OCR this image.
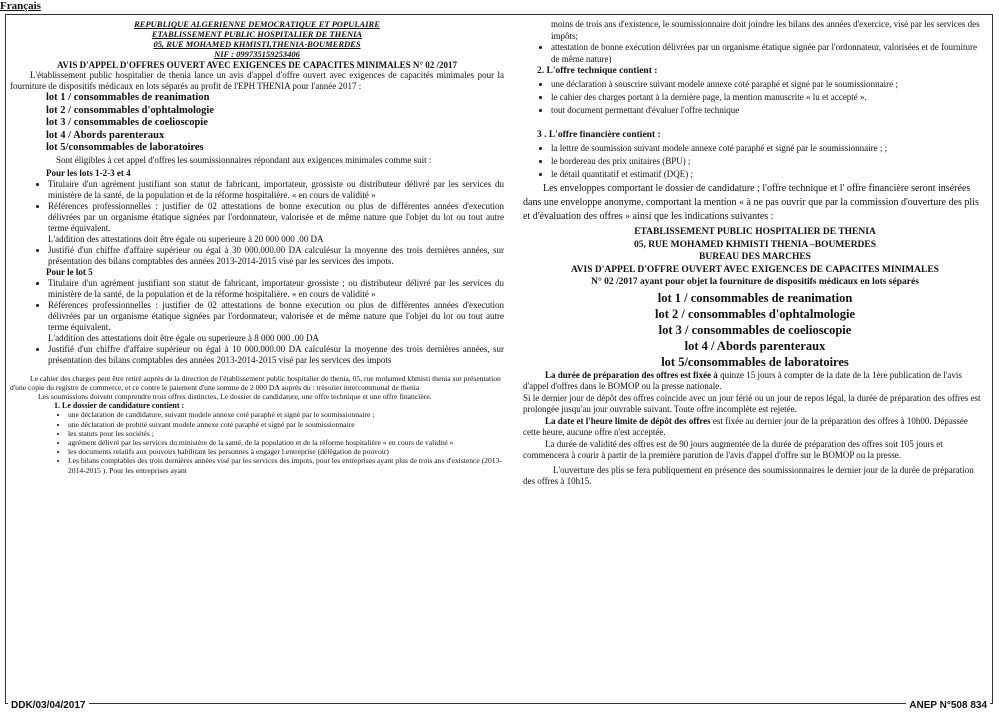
Français
REPUBLIQUE ALGERIENNE DEMOCRATIQUE ET POPULAIRE
ETABLISSEMENT PUBLIC HOSPITALIER DE THENIA
05, RUE MOHAMED KHMISTI,THENIA-BOUMERDES
NIF : 099735159253406
AVIS D'APPEL D'OFFRES OUVERT AVEC EXIGENCES DE CAPACITES MINIMALES N° 02 /2017

L'établissement public hospitalier de thenia lance un avis d'appel d'offre ouvert avec exigences de capacités minimales pour la fourniture de dispositifs médicaux en lots séparés au profit de l'EPH THENIA pour l'année 2017 :

lot 1 / consommables de reanimation
lot 2 / consommables d'ophtalmologie
lot 3 / consommables de coelioscopie
lot 4 / Abords parenteraux
lot 5/consommables de laboratoires

Sont éligibles à cet appel d'offres les soumissionnaires répondant aux exigences minimales comme suit :

Pour les lots 1-2-3 et 4
• Titulaire d'un agrément justifiant son statut de fabricant, importateur, grossiste ou distributeur délivré par les services du ministère de la santé, de la population et de la réforme hospitalière. « en cours de validité »
• Références professionnelles : justifier de 02 attestations de bonne execution ou plus de différentes années d'execution délivrées par un organisme étatique signées par l'ordonnateur, valorisée et de même nature que l'objet du lot ou tout autre terme équivalent.
L'addition des attestations doit être égale ou superieure à 20 000 000 .00 DA
• Justifié d'un chiffre d'affaire supérieur ou égal à 30 000.000.00 DA calculésur la moyenne des trois dernières années, sur présentation des bilans comptables des années 2013-2014-2015 visé par les services des impots.
Pour le lot 5
• Titulaire d'un agrément justifiant son statut de fabricant, importateur grossiste ; ou distributeur délivré par les services du ministère de la santé, de la population et de la réforme hospitalière. « en cours de validité »
• Références professionnelles : justifier de 02 attestations de bonne execution ou plus de différentes années d'execution délivrées par un organisme étatique signées par l'ordonnateur, valorisée et de même nature que l'objet du lot ou tout autre terme équivalent.
L'addition des attestations doit être égale ou superieure à 8 000 000 .00 DA
• Justifié d'un chiffre d'affaire supérieur ou égal à 10 000.000.00 DA calculésur la moyenne des trois dernières années, sur présentation des bilans comptables des années 2013-2014-2015 visé par les services des impots

Le cahier des charges peut être retiré auprès de la direction de l'établissement public hospitalier de thenia, 05, rue mohamed khmisti thenia sur présentation d'une copie du registre de commerce, et ce contre le paiement d'une somme de 2 000 DA auprès du : trésorier intercommunal de thenia

Les soumissions doivent comprendre trois offres distinctes, Le dossier de candidature, une offre technique et une offre financière.

1. Le dossier de candidature contient :
• une déclaration de candidature, suivant modele annexe coté paraphé et signé par le soumissionnaire ;
• une déclaration de probité suivant modele annexe coté paraphé et signé par le soumissionnaire
• les statuts pour les sociétés ;
• agrément délivré par les services du ministère de la santé, de la population et de la réforme hospitalière « en cours de validité »
• les documents relatifs aux pouvoirs habilitant les personnes à engager l.entreprise (délégation de pouvoir)
• Les bilans comptables des trois dernières années visé par les services des impots, pour les entreprises ayant plus de trois ans d'existence (2013-2014-2015 ). Pour les entreprises ayant

moins de trois ans d'existence, le soumissionnaire doit joindre les bilans des années d'exercice, visé par les services des impôts;

• attestation de bonne exécution délivrées par un organisme étatique signée par l'ordonnateur, valorisées et de fourniture de même nature)
2. L'offre technique contient :
• une déclaration à souscrire suivant modele annexe coté paraphé et signé par le soumissionnaire ;
• le cahier des charges portant à la dernière page, la mention manuscrite « lu et accepté ».
• tout document permettant d'évaluer l'offre technique
3 . L'offre financière contient :
• la lettre de soumission suivant modele annexe coté paraphé et signé par le soumissionnaire ; ;
• le bordereau des prix unitaires (BPU) ;
• le détail quantitatif et estimatif (DQE) ;

Les enveloppes comportant le dossier de candidature ; l'offre technique et l' offre financière seront insérées dans une enveloppe anonyme, comportant la mention « à ne pas ouvrir que par la commission d'ouverture des plis et d'évaluation des offres » ainsi que les indications suivantes :

ETABLISSEMENT PUBLIC HOSPITALIER DE THENIA
05, RUE MOHAMED KHMISTI THENIA –BOUMERDES
BUREAU DES MARCHES
AVIS D'APPEL D'OFFRE OUVERT AVEC EXIGENCES DE CAPACITES MINIMALES
N° 02 /2017 ayant pour objet la fourniture de dispositifs médicaux en lots séparés
lot 1 / consommables de reanimation
lot 2 / consommables d'ophtalmologie
lot 3 / consommables de coelioscopie
lot 4 / Abords parenteraux
lot 5/consommables de laboratoires

La durée de préparation des offres est fixée à quinze 15 jours à compter de la date de la 1ère publication de l'avis d'appel d'offres dans le BOMOP ou la presse nationale.

Si le dernier jour de dépôt des offres coïncide avec un jour férié ou un jour de repos légal, la durée de préparation des offres est prolongée jusqu'au jour ouvrable suivant. Toute offre incomplète est rejetée.

La date et l'heure limite de dépôt des offres est fixée au dernier jour de la préparation des offres à 10h00. Dépassée cette heure, aucune offre n'est acceptée.

La durée de validité des offres est de 90 jours augmentée de la durée de préparation des offres soit 105 jours et commencera à courir à partir de la première parution de l'avis d'appel d'offre sur le BOMOP ou la presse.

L'ouverture des plis se fera publiquement en présence des soumissionnaires le dernier jour de la durée de préparation des offres à 10h15.

DDK/03/04/2017	ANEP N°508 834
